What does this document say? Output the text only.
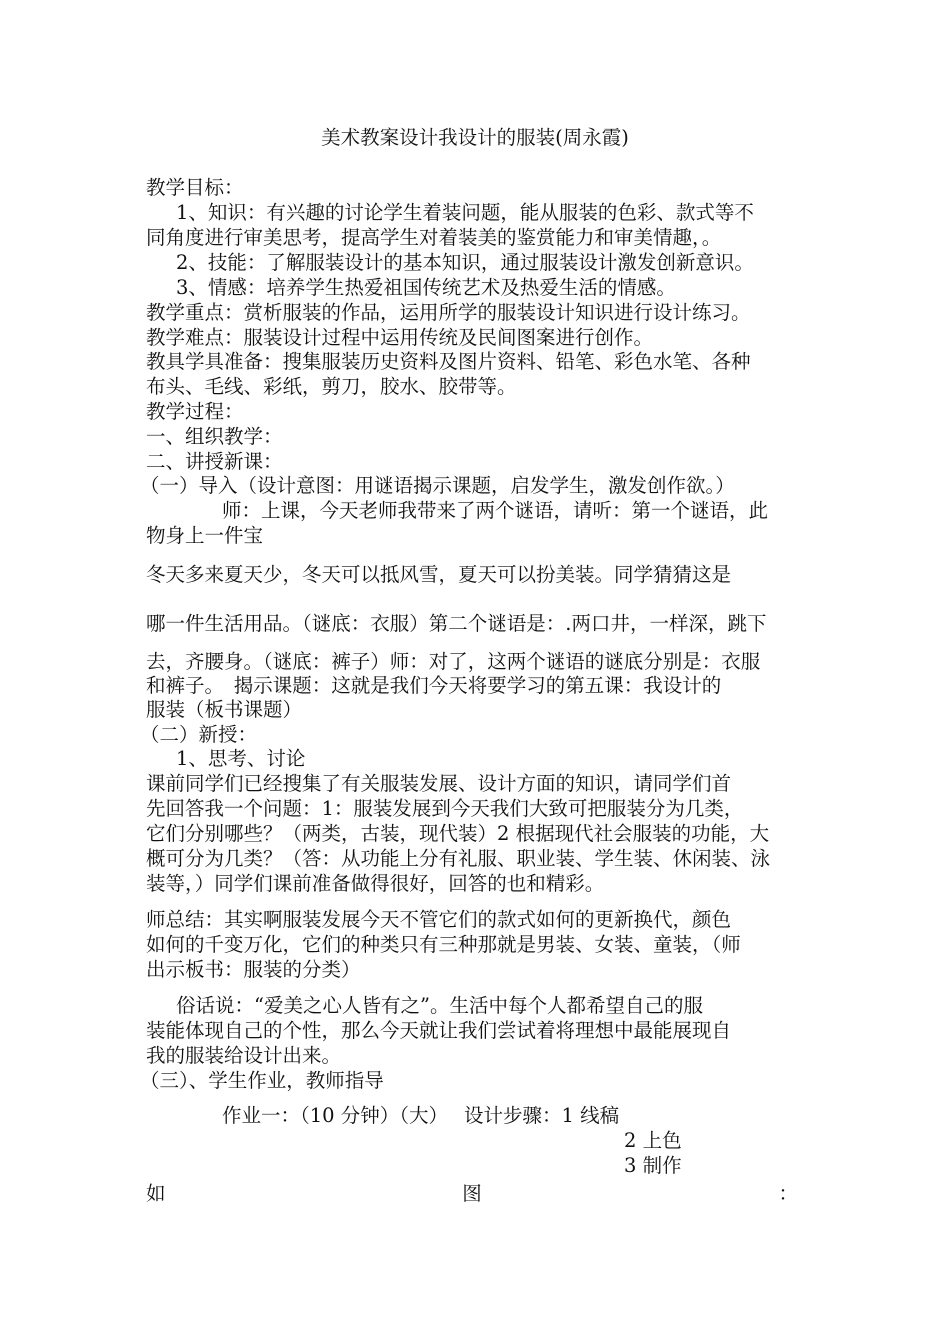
美术教案设计我设计的服装(周永霞)
教学目标：
1、知识：有兴趣的讨论学生着装问题，能从服装的色彩、款式等不
同角度进行审美思考，提高学生对着装美的鉴赏能力和审美情趣，。
2、技能：了解服装设计的基本知识，通过服装设计激发创新意识。
3、情感：培养学生热爱祖国传统艺术及热爱生活的情感。
教学重点：赏析服装的作品，运用所学的服装设计知识进行设计练习。
教学难点：服装设计过程中运用传统及民间图案进行创作。
教具学具准备：搜集服装历史资料及图片资料、铅笔、彩色水笔、各种
布头、毛线、彩纸，剪刀，胶水、胶带等。
教学过程：
一、组织教学：
二、讲授新课：
（一）导入（设计意图：用谜语揭示课题，启发学生，激发创作欲。）
师：上课，今天老师我带来了两个谜语，请听：第一个谜语，此
物身上一件宝
冬天多来夏天少，冬天可以抵风雪，夏天可以扮美装。同学猜猜这是
哪一件生活用品。（谜底：衣服）第二个谜语是：.两口井，一样深，跳下
去，齐腰身。（谜底：裤子）师：对了，这两个谜语的谜底分别是：衣服
和裤子。　揭示课题：这就是我们今天将要学习的第五课：我设计的
服装（板书课题）
（二）新授：
1、思考、讨论
课前同学们已经搜集了有关服装发展、设计方面的知识，请同学们首
先回答我一个问题：1：服装发展到今天我们大致可把服装分为几类，
它们分别哪些？（两类，古装，现代装）2 根据现代社会服装的功能，大
概可分为几类？（答：从功能上分有礼服、职业装、学生装、休闲装、泳
装等，）同学们课前准备做得很好，回答的也和精彩。
师总结：其实啊服装发展今天不管它们的款式如何的更新换代，颜色
如何的千变万化，它们的种类只有三种那就是男装、女装、童装，（师
出示板书：服装的分类）
俗话说：“爱美之心人皆有之”。生活中每个人都希望自己的服
装能体现自己的个性，那么今天就让我们尝试着将理想中最能展现自
我的服装给设计出来。
（三）、学生作业，教师指导
作业一：（10 分钟）（大）　 设计步骤：1 线稿
2 上色
3 制作
如	图	：
